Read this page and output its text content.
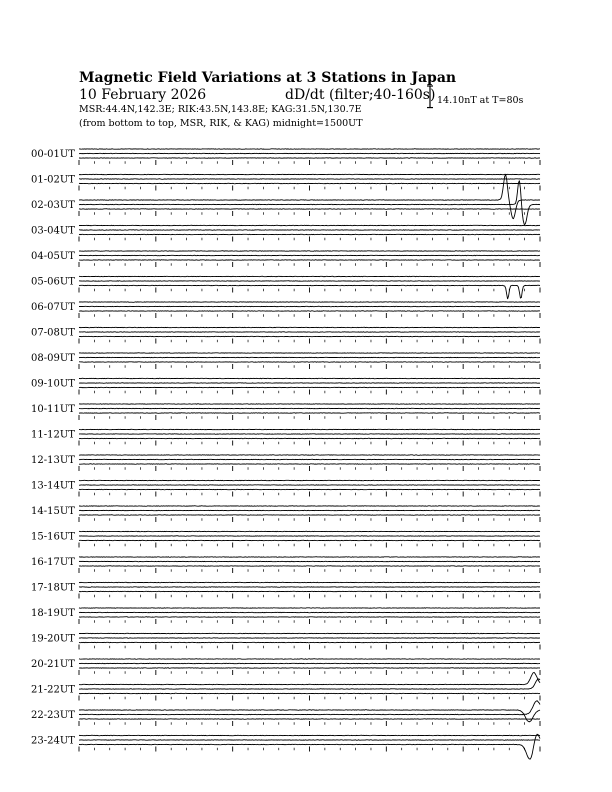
00-01UT
01-02UT
02-03UT
03-04UT
04-05UT
05-06UT
06-07UT
07-08UT
08-09UT
09-10UT
10-11UT
11-12UT
12-13UT
13-14UT
14-15UT
15-16UT
16-17UT
17-18UT
18-19UT
19-20UT
20-21UT
21-22UT
22-23UT
23-24UT
Magnetic Field Variations at 3 Stations in Japan
10 February 2026	dD/dt (filter;40-160s)
MSR:44.4N,142.3E; RIK:43.5N,143.8E; KAG:31.5N,130.7E
(from bottom to top, MSR, RIK, & KAG) midnight=1500UT
14.10nT at T=80s
